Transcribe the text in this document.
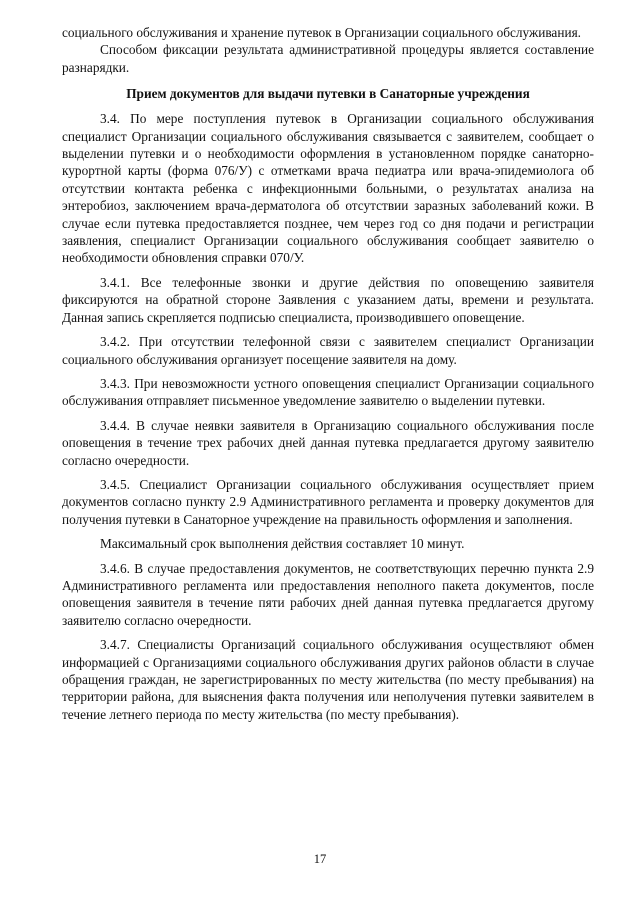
социального обслуживания и хранение путевок в Организации социального обслуживания.

Способом фиксации результата административной процедуры является составление разнарядки.

Прием документов для выдачи путевки в Санаторные учреждения

3.4. По мере поступления путевок в Организации социального обслуживания специалист Организации социального обслуживания связывается с заявителем, сообщает о выделении путевки и о необходимости оформления в установленном порядке санаторно-курортной карты (форма 076/У) с отметками врача педиатра или врача-эпидемиолога об отсутствии контакта ребенка с инфекционными больными, о результатах анализа на энтеробиоз, заключением врача-дерматолога об отсутствии заразных заболеваний кожи. В случае если путевка предоставляется позднее, чем через год со дня подачи и регистрации заявления, специалист Организации социального обслуживания сообщает заявителю о необходимости обновления справки 070/У.

3.4.1. Все телефонные звонки и другие действия по оповещению заявителя фиксируются на обратной стороне Заявления с указанием даты, времени и результата. Данная запись скрепляется подписью специалиста, производившего оповещение.

3.4.2. При отсутствии телефонной связи с заявителем специалист Организации социального обслуживания организует посещение заявителя на дому.

3.4.3. При невозможности устного оповещения специалист Организации социального обслуживания отправляет письменное уведомление заявителю о выделении путевки.

3.4.4. В случае неявки заявителя в Организацию социального обслуживания после оповещения в течение трех рабочих дней данная путевка предлагается другому заявителю согласно очередности.

3.4.5. Специалист Организации социального обслуживания осуществляет прием документов согласно пункту 2.9 Административного регламента и проверку документов для получения путевки в Санаторное учреждение на правильность оформления и заполнения.

Максимальный срок выполнения действия составляет 10 минут.

3.4.6. В случае предоставления документов, не соответствующих перечню пункта 2.9 Административного регламента или предоставления неполного пакета документов, после оповещения заявителя в течение пяти рабочих дней данная путевка предлагается другому заявителю согласно очередности.

3.4.7. Специалисты Организаций социального обслуживания осуществляют обмен информацией с Организациями социального обслуживания других районов области в случае обращения граждан, не зарегистрированных по месту жительства (по месту пребывания) на территории района, для выяснения факта получения или неполучения путевки заявителем в течение летнего периода по месту жительства (по месту пребывания).

17
